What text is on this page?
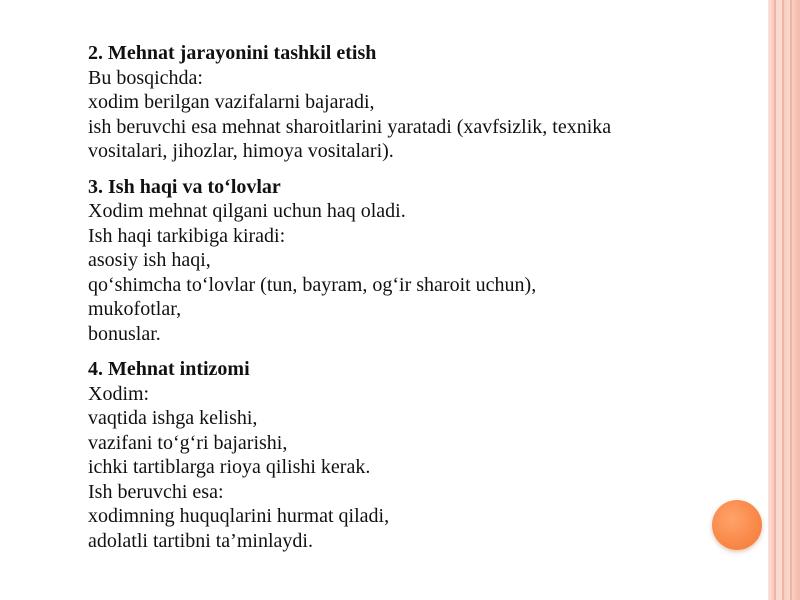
2. Mehnat jarayonini tashkil etish
Bu bosqichda:
xodim berilgan vazifalarni bajaradi,
ish beruvchi esa mehnat sharoitlarini yaratadi (xavfsizlik, texnika
vositalari, jihozlar, himoya vositalari).
3. Ish haqi va to‘lovlar
Xodim mehnat qilgani uchun haq oladi.
Ish haqi tarkibiga kiradi:
asosiy ish haqi,
qo‘shimcha to‘lovlar (tun, bayram, og‘ir sharoit uchun),
mukofotlar,
bonuslar.
4. Mehnat intizomi
Xodim:
vaqtida ishga kelishi,
vazifani to‘g‘ri bajarishi,
ichki tartiblarga rioya qilishi kerak.
Ish beruvchi esa:
xodimning huquqlarini hurmat qiladi,
adolatli tartibni ta’minlaydi.
